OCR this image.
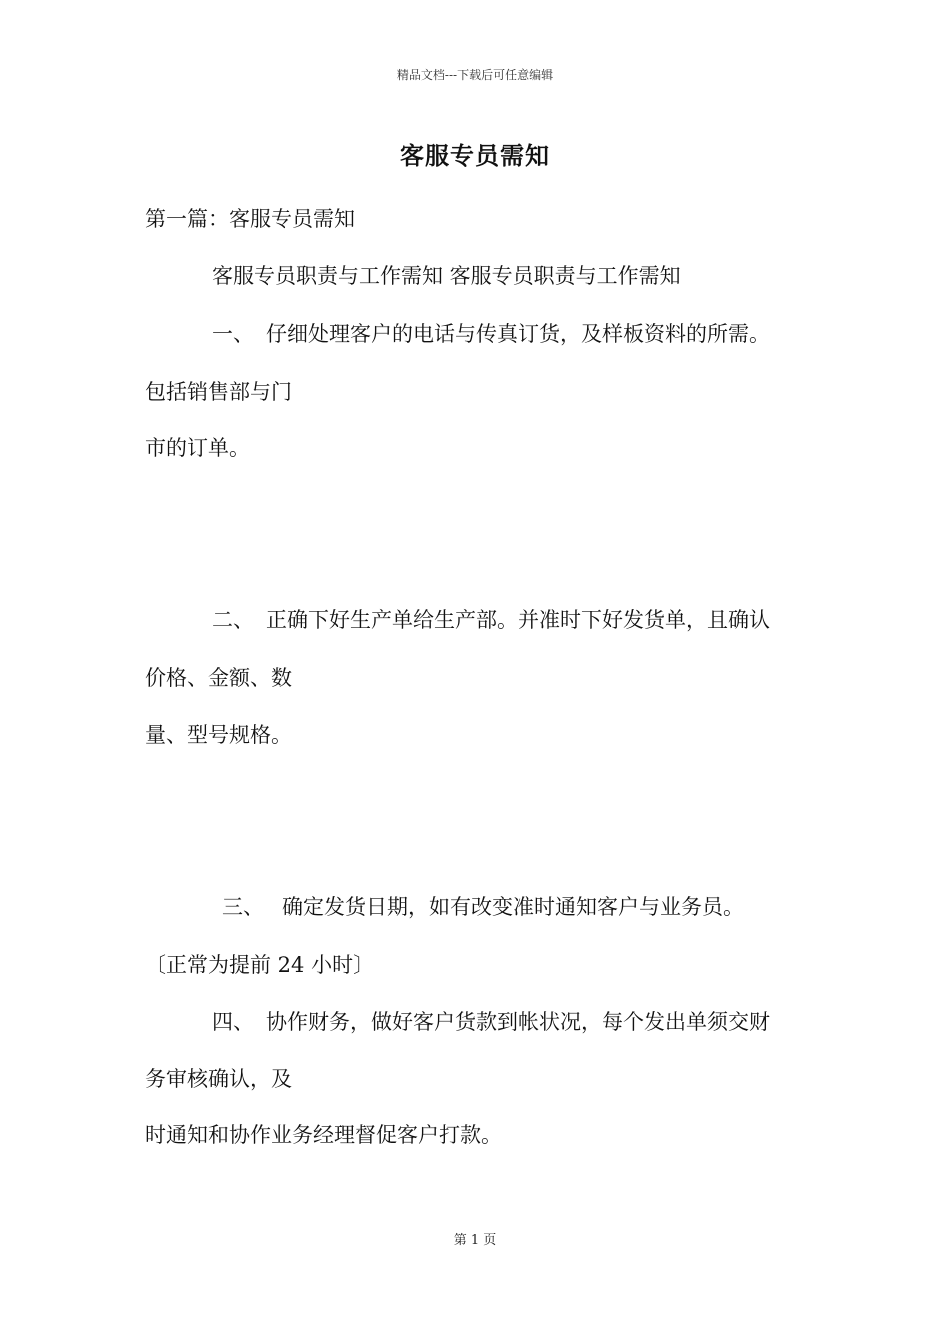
精品文档---下载后可任意编辑
客服专员需知
第一篇：客服专员需知
客服专员职责与工作需知 客服专员职责与工作需知
一、 仔细处理客户的电话与传真订货，及样板资料的所需。
包括销售部与门
市的订单。
二、 正确下好生产单给生产部。并准时下好发货单，且确认
价格、金额、数
量、型号规格。
三、 确定发货日期，如有改变准时通知客户与业务员。
〔正常为提前 24 小时〕
四、 协作财务，做好客户货款到帐状况，每个发出单须交财
务审核确认，及
时通知和协作业务经理督促客户打款。
第 1 页
